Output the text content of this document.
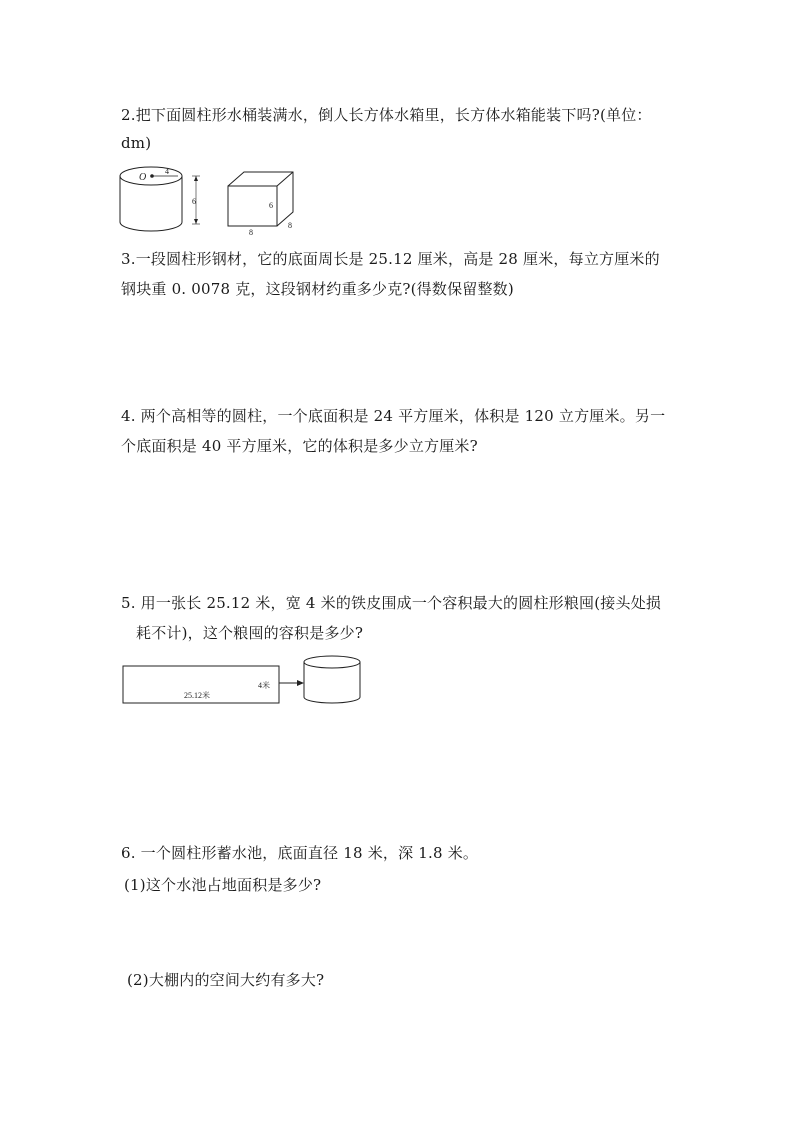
2.把下面圆柱形水桶装满水，倒人长方体水箱里，长方体水箱能装下吗?(单位：
dm)
O
4
6	6
8
8
3.一段圆柱形钢材，它的底面周长是 25.12 厘米，高是 28 厘米，每立方厘米的
钢块重 0. 0078 克，这段钢材约重多少克?(得数保留整数)
4. 两个高相等的圆柱，一个底面积是 24 平方厘米，体积是 120 立方厘米。另一
个底面积是 40 平方厘米，它的体积是多少立方厘米?
5. 用一张长 25.12 米，宽 4 米的铁皮围成一个容积最大的圆柱形粮囤(接头处损
耗不计)，这个粮囤的容积是多少?
25.12米
4米
6. 一个圆柱形蓄水池，底面直径 18 米，深 1.8 米。
(1)这个水池占地面积是多少?
(2)大棚内的空间大约有多大?
